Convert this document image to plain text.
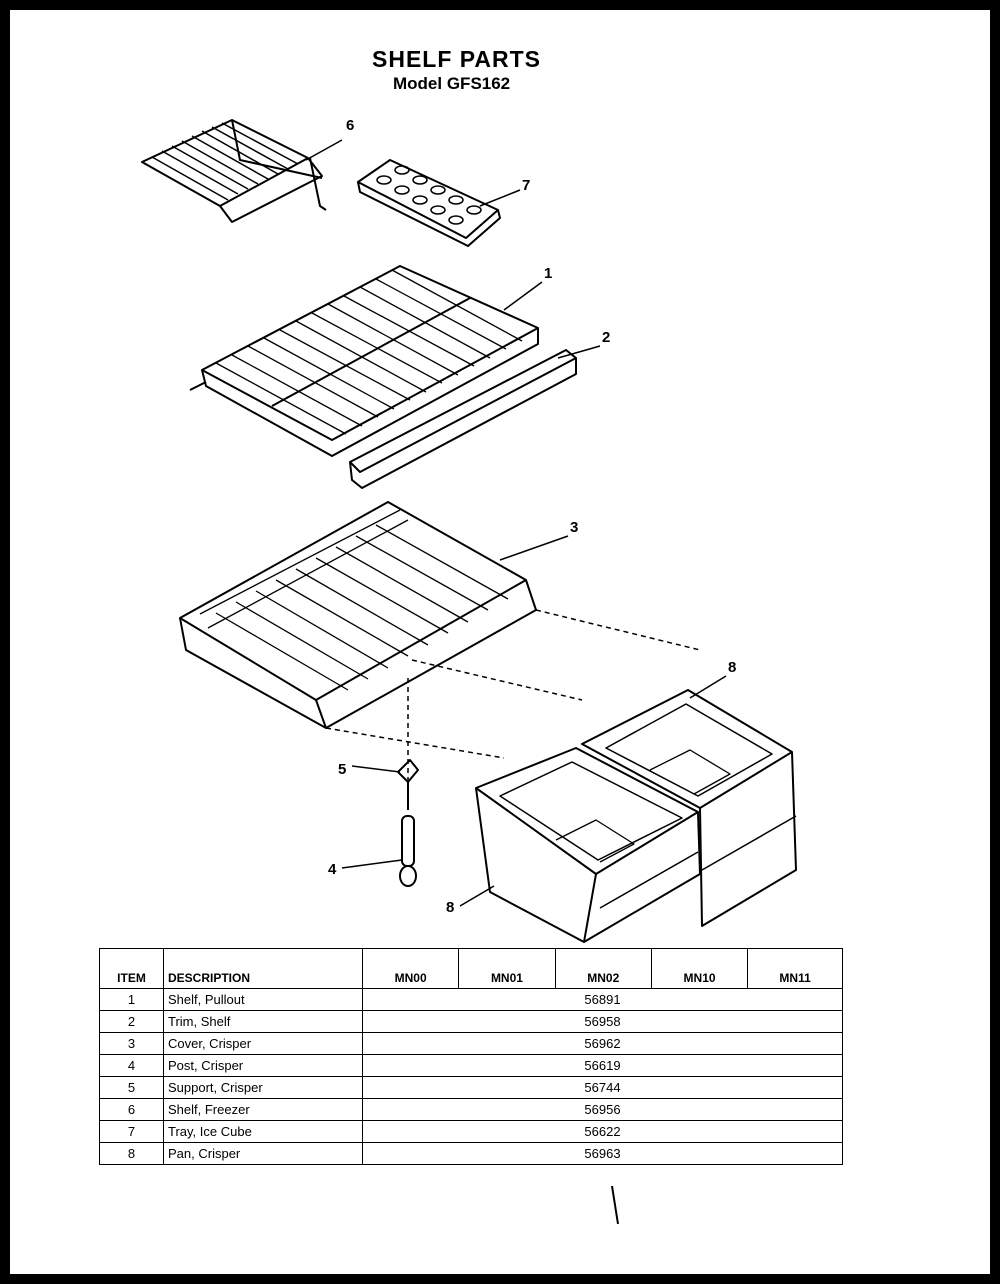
SHELF PARTS
Model GFS162
6
7
1
2
3
8
5
4
8
ITEM	DESCRIPTION	MN00	MN01	MN02	MN10	MN11
1	Shelf, Pullout	56891				
2	Trim, Shelf	56958				
3	Cover, Crisper	56962				
4	Post, Crisper	56619				
5	Support, Crisper	56744				
6	Shelf, Freezer	56956				
7	Tray, Ice Cube	56622				
8	Pan, Crisper	56963				
